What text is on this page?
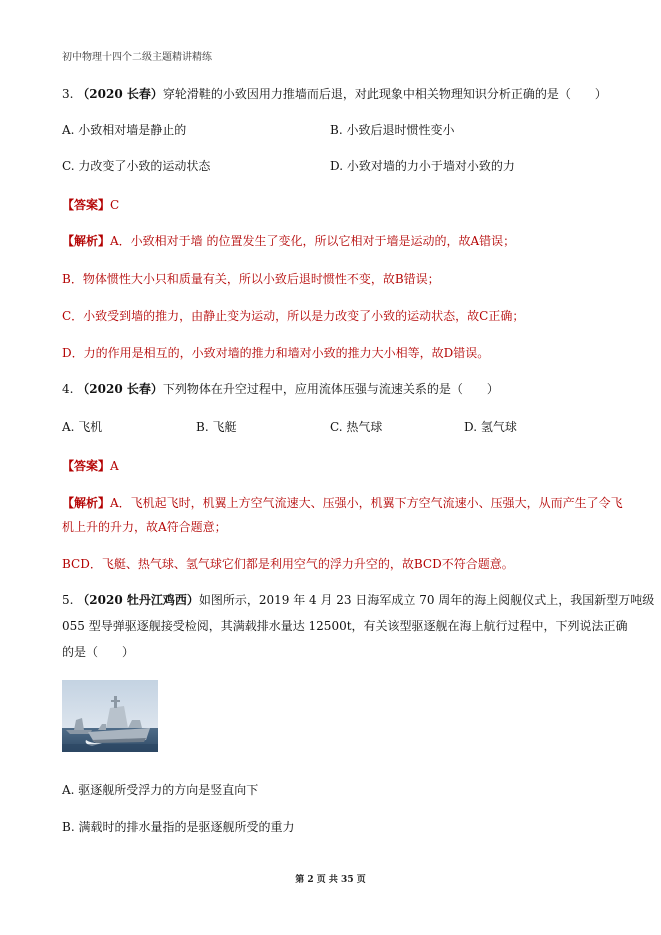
初中物理十四个二级主题精讲精练
3. （2020 长春）穿轮滑鞋的小致因用力推墙而后退，对此现象中相关物理知识分析正确的是（　　）
A. 小致相对墙是静止的	B. 小致后退时惯性变小
C. 力改变了小致的运动状态	D. 小致对墙的力小于墙对小致的力
【答案】C
【解析】A．小致相对于墙 的位置发生了变化，所以它相对于墙是运动的，故A错误；
B．物体惯性大小只和质量有关，所以小致后退时惯性不变，故B错误；
C．小致受到墙的推力，由静止变为运动，所以是力改变了小致的运动状态，故C正确；
D．力的作用是相互的，小致对墙的推力和墙对小致的推力大小相等，故D错误。
4. （2020 长春）下列物体在升空过程中，应用流体压强与流速关系的是（　　）
A. 飞机	B. 飞艇	C. 热气球	D. 氢气球
【答案】A
【解析】A．飞机起飞时，机翼上方空气流速大、压强小，机翼下方空气流速小、压强大，从而产生了令飞
机上升的升力，故A符合题意；
BCD．飞艇、热气球、氢气球它们都是利用空气的浮力升空的，故BCD不符合题意。
5. （2020 牡丹江鸡西）如图所示，2019 年 4 月 23 日海军成立 70 周年的海上阅舰仪式上，我国新型万吨级
055 型导弹驱逐舰接受检阅，其满载排水量达 12500t，有关该型驱逐舰在海上航行过程中，下列说法正确
的是（　　）
A. 驱逐舰所受浮力的方向是竖直向下
B. 满载时的排水量指的是驱逐舰所受的重力
第 2 页 共 35 页
